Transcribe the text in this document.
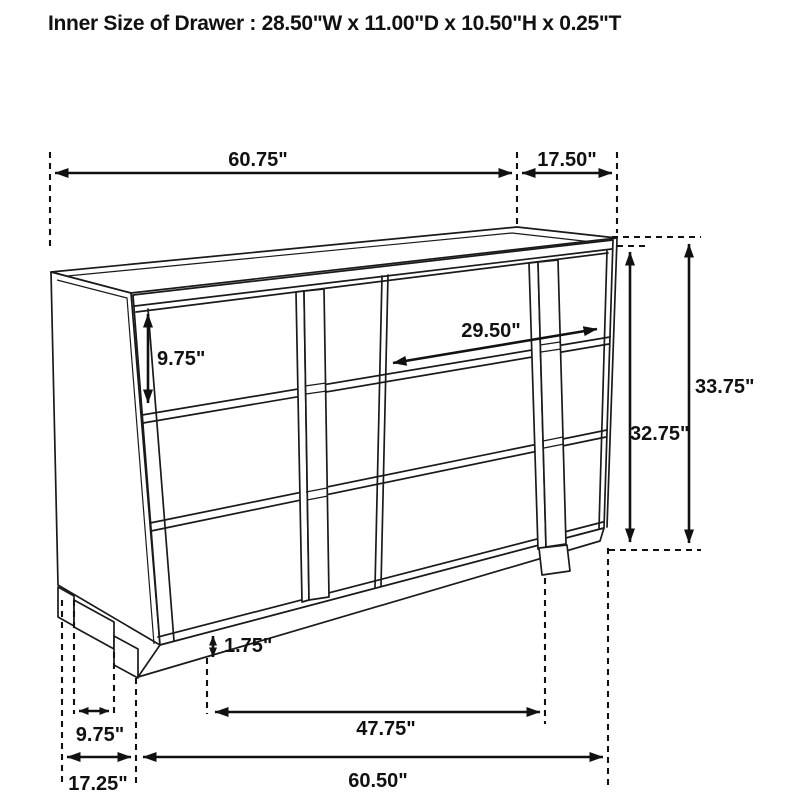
60.75"	17.50"
9.75"
29.50"
33.75"
32.75"
1.75"
47.75"
9.75"
17.25"	60.50"
Inner Size of Drawer : 28.50"W x 11.00"D x 10.50"H x 0.25"T
